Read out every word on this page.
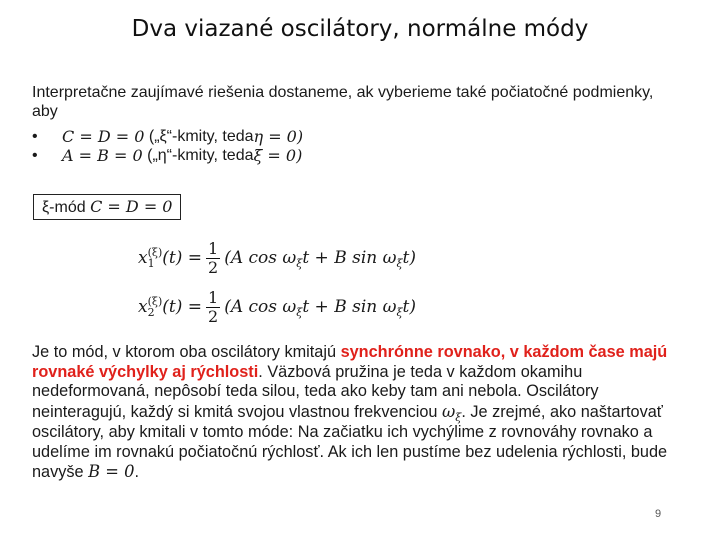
Dva viazané oscilátory, normálne módy
Interpretačne zaujímavé riešenia dostaneme, ak vyberieme také počiatočné podmienky, aby
•	C = D = 0
(„ξ“-kmity, teda η = 0)
•	A = B = 0
(„η“-kmity, teda ξ = 0)
ξ-mód C = D = 0
x (ξ)
1 $(t) = \frac{1}{2} (A$ cos ω ξ t + B sin ω ξ t)
x (ξ)
2 $(t) = \frac{1}{2} (A$ cos ω ξ t + B sin ω ξ t)
Je to mód, v ktorom oba oscilátory kmitajú synchrónne rovnako, v každom čase majú rovnaké výchylky aj rýchlosti. Väzbová pružina je teda v každom okamihu nedeformovaná, nepôsobí teda silou, teda ako keby tam ani nebola. Oscilátory neinteragujú, každý si kmitá svojou vlastnou frekvenciou $\omega_\xi$. Je zrejmé, ako naštartovať oscilátory, aby kmitali v tomto móde: Na začiatku ich vychýlime z rovnováhy rovnako a udelíme im rovnakú počiatočnú rýchlosť. Ak ich len pustíme bez udelenia rýchlosti, bude navyše B = 0.
9
